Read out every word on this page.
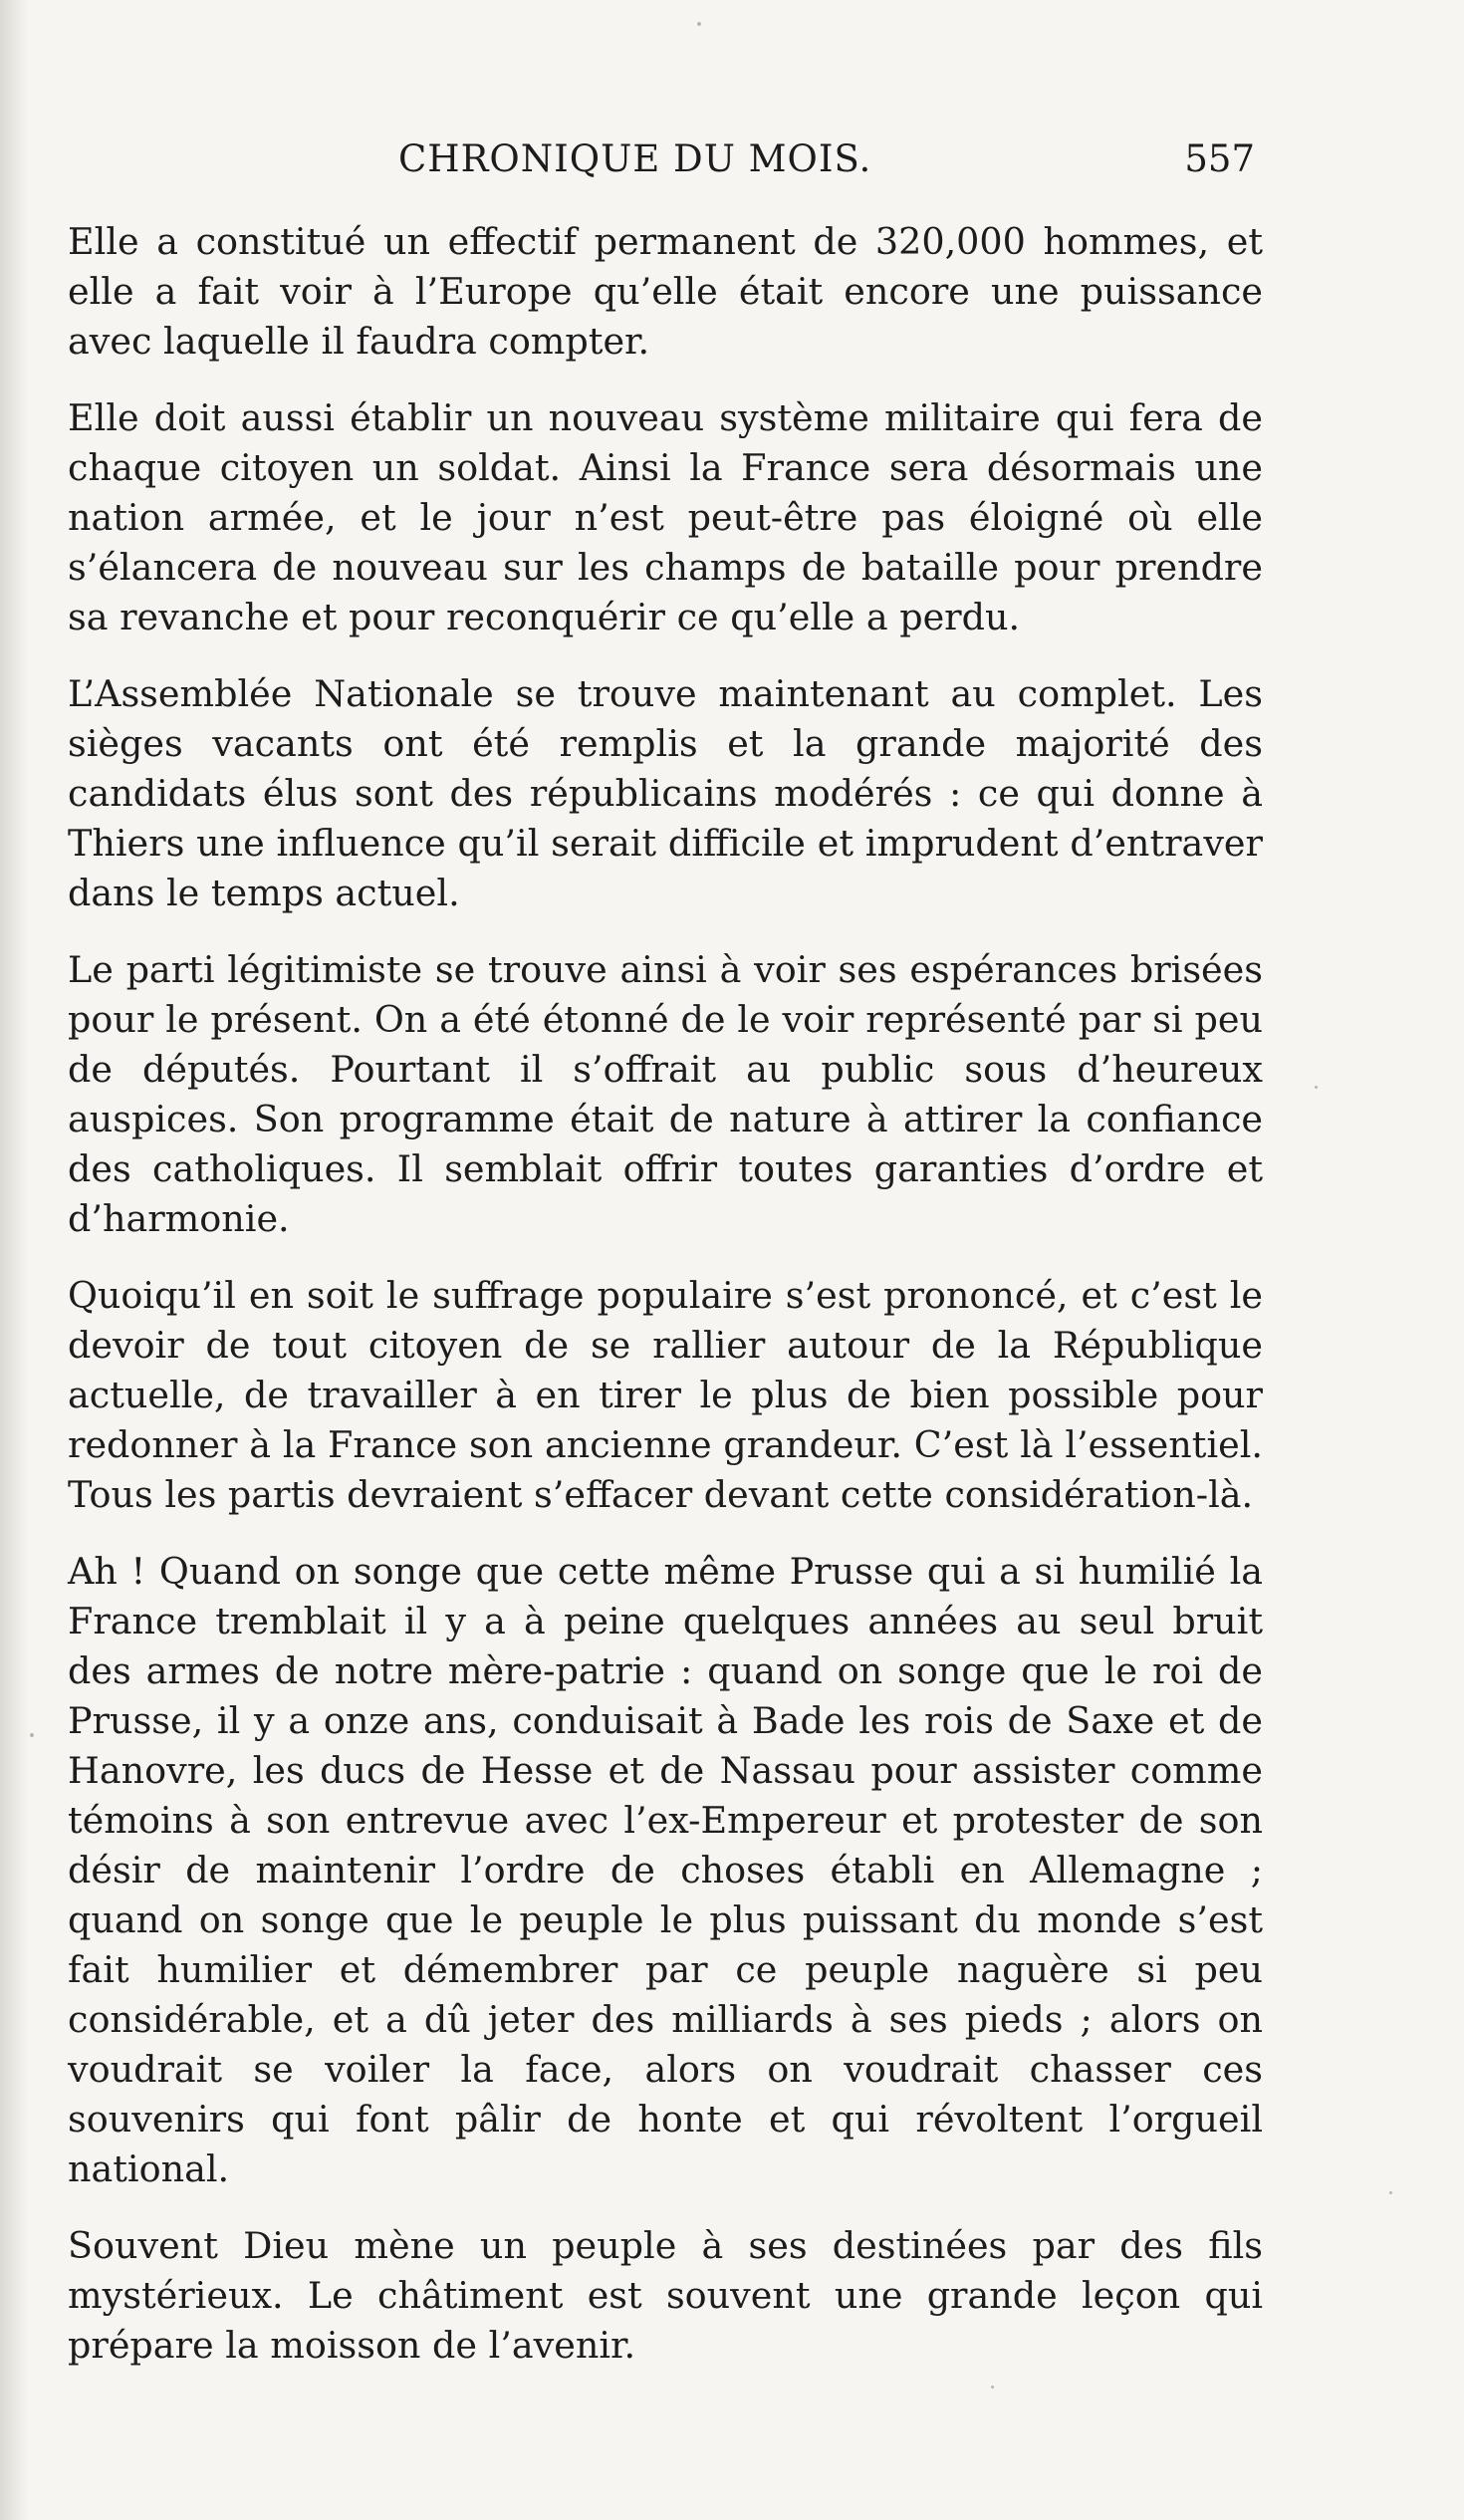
CHRONIQUE DU MOIS.	557

Elle a constitué un effectif permanent de 320,000 hommes, et elle a fait voir à l’Europe qu’elle était encore une puissance avec laquelle il faudra compter.

Elle doit aussi établir un nouveau système militaire qui fera de chaque citoyen un soldat. Ainsi la France sera désormais une nation armée, et le jour n’est peut-être pas éloigné où elle s’élancera de nouveau sur les champs de bataille pour prendre sa revanche et pour reconquérir ce qu’elle a perdu.

L’Assemblée Nationale se trouve maintenant au complet. Les sièges vacants ont été remplis et la grande majorité des candidats élus sont des républicains modérés : ce qui donne à Thiers une influence qu’il serait difficile et imprudent d’entraver dans le temps actuel.

Le parti légitimiste se trouve ainsi à voir ses espérances brisées pour le présent. On a été étonné de le voir représenté par si peu de députés. Pourtant il s’offrait au public sous d’heureux auspices. Son programme était de nature à attirer la confiance des catholiques. Il semblait offrir toutes garanties d’ordre et d’harmonie.

Quoiqu’il en soit le suffrage populaire s’est prononcé, et c’est le devoir de tout citoyen de se rallier autour de la République actuelle, de travailler à en tirer le plus de bien possible pour redonner à la France son ancienne grandeur. C’est là l’essentiel. Tous les partis devraient s’effacer devant cette considération-là.

Ah ! Quand on songe que cette même Prusse qui a si humilié la France tremblait il y a à peine quelques années au seul bruit des armes de notre mère-patrie : quand on songe que le roi de Prusse, il y a onze ans, conduisait à Bade les rois de Saxe et de Hanovre, les ducs de Hesse et de Nassau pour assister comme témoins à son entrevue avec l’ex-Empereur et protester de son désir de maintenir l’ordre de choses établi en Allemagne ; quand on songe que le peuple le plus puissant du monde s’est fait humilier et démembrer par ce peuple naguère si peu considérable, et a dû jeter des milliards à ses pieds ; alors on voudrait se voiler la face, alors on voudrait chasser ces souvenirs qui font pâlir de honte et qui révoltent l’orgueil national.

Souvent Dieu mène un peuple à ses destinées par des fils mystérieux. Le châtiment est souvent une grande leçon qui prépare la moisson de l’avenir.
